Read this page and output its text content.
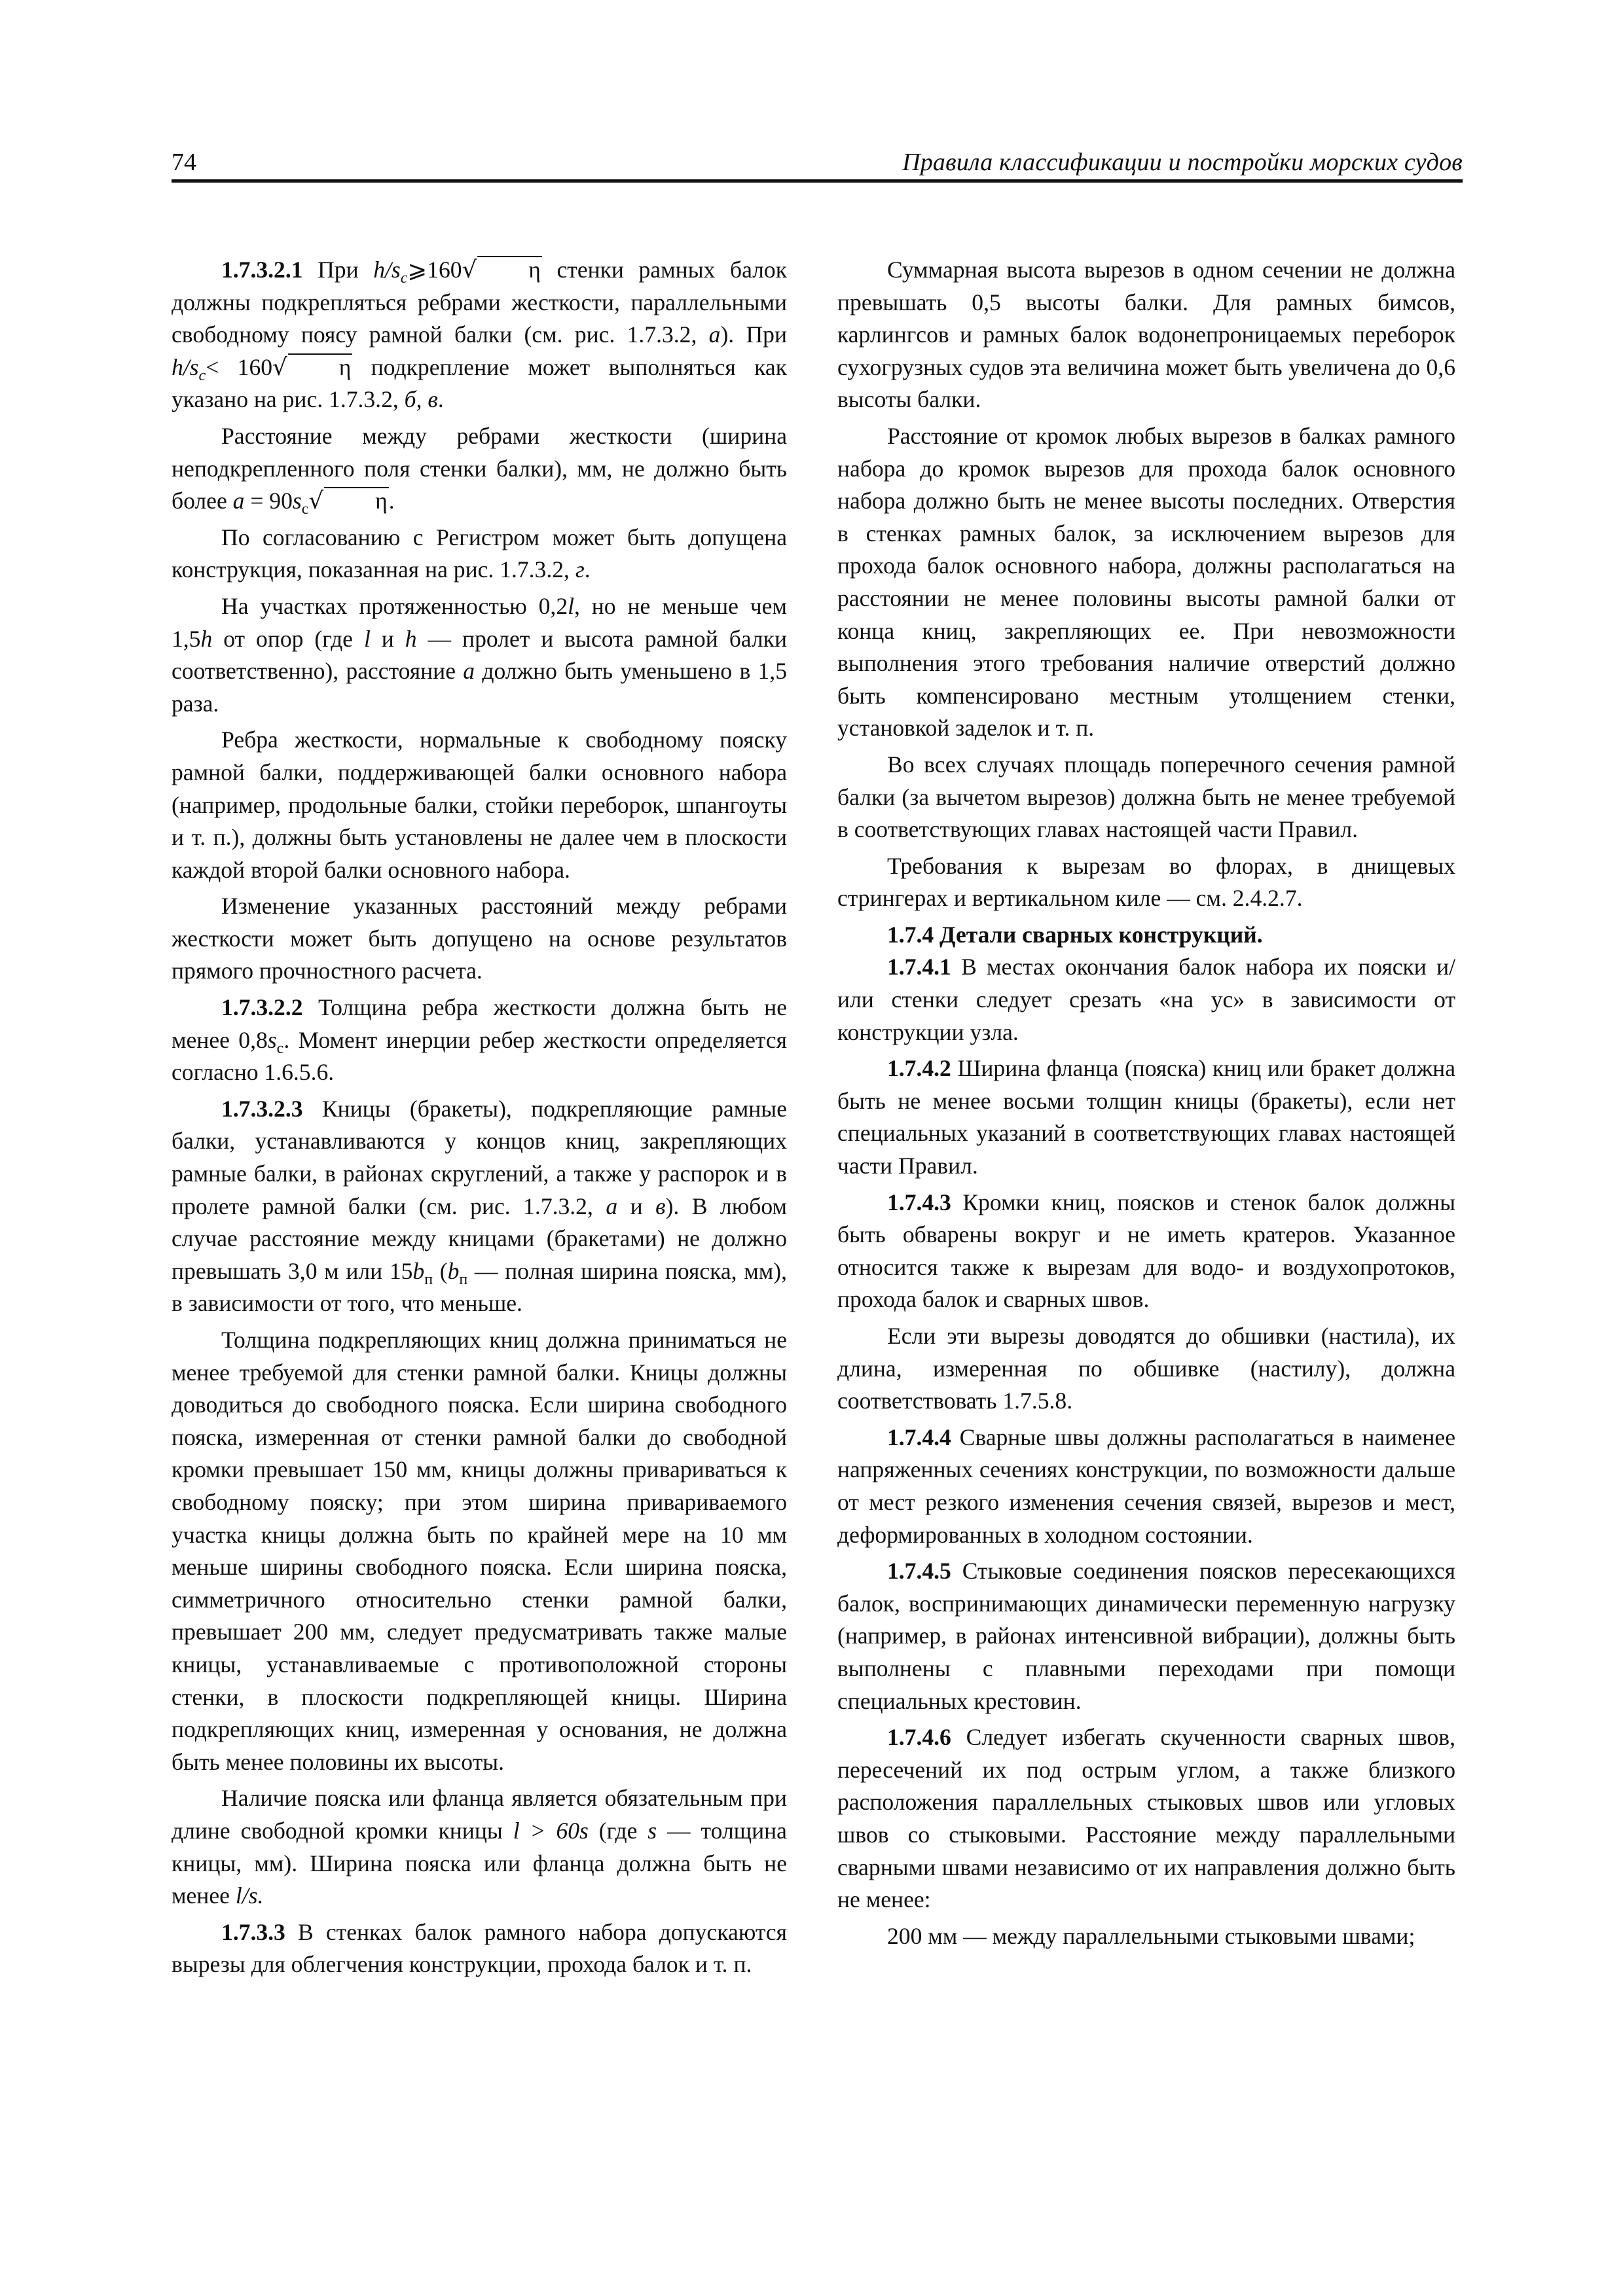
74	Правила классификации и постройки морских судов

1.7.3.2.1 При $h/s_c⩾160√$ η стенки рамных балок должны подкрепляться ребрами жесткости, параллельными свободному поясу рамной балки (см. рис. 1.7.3.2, а). При $h/s_c< 160√$ η подкрепление может выполняться как указано на рис. 1.7.3.2, б, в.

Расстояние между ребрами жесткости (ширина неподкрепленного поля стенки балки), мм, не должно быть более $a = 90s_c√$ η.

По согласованию с Регистром может быть допущена конструкция, показанная на рис. 1.7.3.2, г.

На участках протяженностью 0,2l, но не меньше чем 1,5h от опор (где l и h — пролет и высота рамной балки соответственно), расстояние a должно быть уменьшено в 1,5 раза.

Ребра жесткости, нормальные к свободному пояску рамной балки, поддерживающей балки основного набора (например, продольные балки, стойки переборок, шпангоуты и т. п.), должны быть установлены не далее чем в плоскости каждой второй балки основного набора.

Изменение указанных расстояний между ребрами жесткости может быть допущено на основе результатов прямого прочностного расчета.

1.7.3.2.2 Толщина ребра жесткости должна быть не менее $0,8s_c$. Момент инерции ребер жесткости определяется согласно 1.6.5.6.

1.7.3.2.3 Кницы (бракеты), подкрепляющие рамные балки, устанавливаются у концов книц, закрепляющих рамные балки, в районах скруглений, а также у распорок и в пролете рамной балки (см. рис. 1.7.3.2, а и в). В любом случае расстояние между кницами (бракетами) не должно превышать 3,0 м или $15b_п$ ($b_п$ — полная ширина пояска, мм), в зависимости от того, что меньше.

Толщина подкрепляющих книц должна приниматься не менее требуемой для стенки рамной балки. Кницы должны доводиться до свободного пояска. Если ширина свободного пояска, измеренная от стенки рамной балки до свободной кромки превышает 150 мм, кницы должны привариваться к свободному пояску; при этом ширина привариваемого участка кницы должна быть по крайней мере на 10 мм меньше ширины свободного пояска. Если ширина пояска, симметричного относительно стенки рамной балки, превышает 200 мм, следует предусматривать также малые кницы, устанавливаемые с противоположной стороны стенки, в плоскости подкрепляющей кницы. Ширина подкрепляющих книц, измеренная у основания, не должна быть менее половины их высоты.

Наличие пояска или фланца является обязательным при длине свободной кромки кницы l > 60s (где s — толщина кницы, мм). Ширина пояска или фланца должна быть не менее l/s.

1.7.3.3 В стенках балок рамного набора допускаются вырезы для облегчения конструкции, прохода балок и т. п.

Суммарная высота вырезов в одном сечении не должна превышать 0,5 высоты балки. Для рамных бимсов, карлингсов и рамных балок водонепроницаемых переборок сухогрузных судов эта величина может быть увеличена до 0,6 высоты балки.

Расстояние от кромок любых вырезов в балках рамного набора до кромок вырезов для прохода балок основного набора должно быть не менее высоты последних. Отверстия в стенках рамных балок, за исключением вырезов для прохода балок основного набора, должны располагаться на расстоянии не менее половины высоты рамной балки от конца книц, закрепляющих ее. При невозможности выполнения этого требования наличие отверстий должно быть компенсировано местным утолщением стенки, установкой заделок и т. п.

Во всех случаях площадь поперечного сечения рамной балки (за вычетом вырезов) должна быть не менее требуемой в соответствующих главах настоящей части Правил.

Требования к вырезам во флорах, в днищевых стрингерах и вертикальном киле — см. 2.4.2.7.

1.7.4 Детали сварных конструкций.

1.7.4.1 В местах окончания балок набора их пояски и/или стенки следует срезать «на ус» в зависимости от конструкции узла.

1.7.4.2 Ширина фланца (пояска) книц или бракет должна быть не менее восьми толщин кницы (бракеты), если нет специальных указаний в соответствующих главах настоящей части Правил.

1.7.4.3 Кромки книц, поясков и стенок балок должны быть обварены вокруг и не иметь кратеров. Указанное относится также к вырезам для водо- и воздухопротоков, прохода балок и сварных швов.

Если эти вырезы доводятся до обшивки (настила), их длина, измеренная по обшивке (настилу), должна соответствовать 1.7.5.8.

1.7.4.4 Сварные швы должны располагаться в наименее напряженных сечениях конструкции, по возможности дальше от мест резкого изменения сечения связей, вырезов и мест, деформированных в холодном состоянии.

1.7.4.5 Стыковые соединения поясков пересекающихся балок, воспринимающих динамически переменную нагрузку (например, в районах интенсивной вибрации), должны быть выполнены с плавными переходами при помощи специальных крестовин.

1.7.4.6 Следует избегать скученности сварных швов, пересечений их под острым углом, а также близкого расположения параллельных стыковых швов или угловых швов со стыковыми. Расстояние между параллельными сварными швами независимо от их направления должно быть не менее:

200 мм — между параллельными стыковыми швами;
